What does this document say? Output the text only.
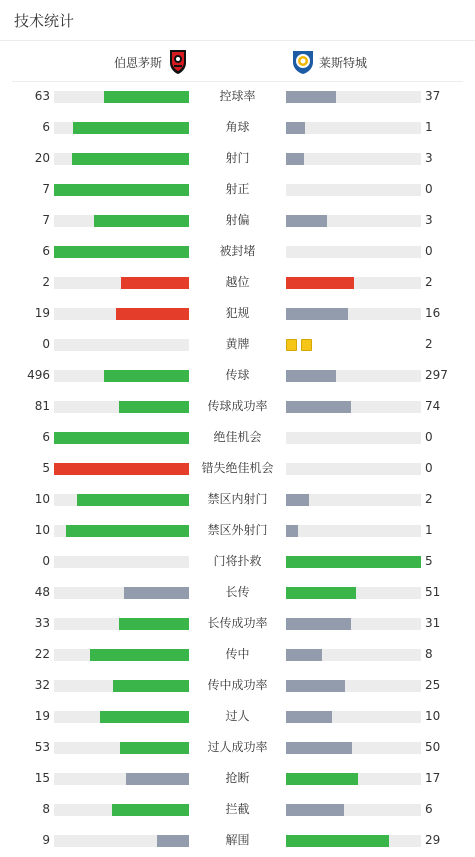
技术统计
伯恩茅斯	莱斯特城
63	控球率	37
6	角球	1
20	射门	3
7	射正	0
7	射偏	3
6	被封堵	0
2	越位	2
19	犯规	16
0	黄牌	2
496	传球	297
81	传球成功率	74
6	绝佳机会	0
5	错失绝佳机会	0
10	禁区内射门	2
10	禁区外射门	1
0	门将扑救	5
48	长传	51
33	长传成功率	31
22	传中	8
32	传中成功率	25
19	过人	10
53	过人成功率	50
15	抢断	17
8	拦截	6
9	解围	29
